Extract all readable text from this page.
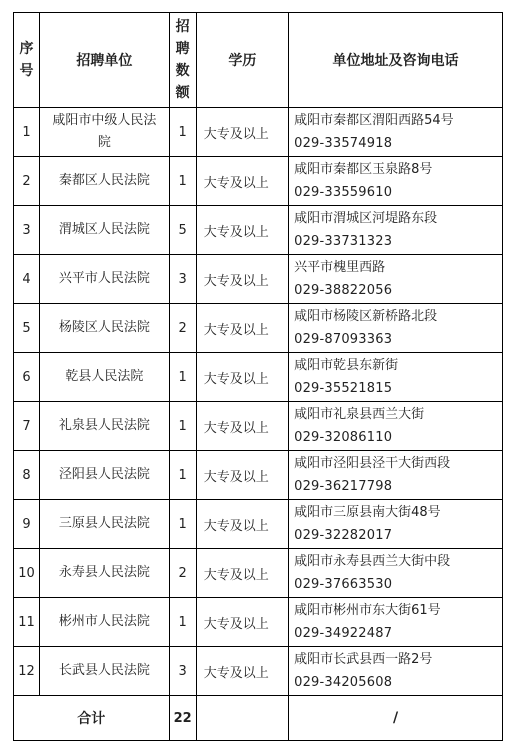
序
号	招聘单位	招
聘
数
额	学历	单位地址及咨询电话
1	咸阳市中级人民法院	1	大专及以上	咸阳市秦都区渭阳西路54号
029-33574918

2	秦都区人民法院	1	大专及以上	咸阳市秦都区玉泉路8号
029-33559610

3	渭城区人民法院	5	大专及以上	咸阳市渭城区河堤路东段
029-33731323

4	兴平市人民法院	3	大专及以上	兴平市槐里西路
029-38822056

5	杨陵区人民法院	2	大专及以上	咸阳市杨陵区新桥路北段
029-87093363

6	乾县人民法院	1	大专及以上	咸阳市乾县东新街
029-35521815

7	礼泉县人民法院	1	大专及以上	咸阳市礼泉县西兰大街
029-32086110

8	泾阳县人民法院	1	大专及以上	咸阳市泾阳县泾干大街西段
029-36217798

9	三原县人民法院	1	大专及以上	咸阳市三原县南大街48号
029-32282017

10	永寿县人民法院	2	大专及以上	咸阳市永寿县西兰大街中段
029-37663530

11	彬州市人民法院	1	大专及以上	咸阳市彬州市东大街61号
029-34922487

12	长武县人民法院	3	大专及以上	咸阳市长武县西一路2号
029-34205608

合计		22		/
